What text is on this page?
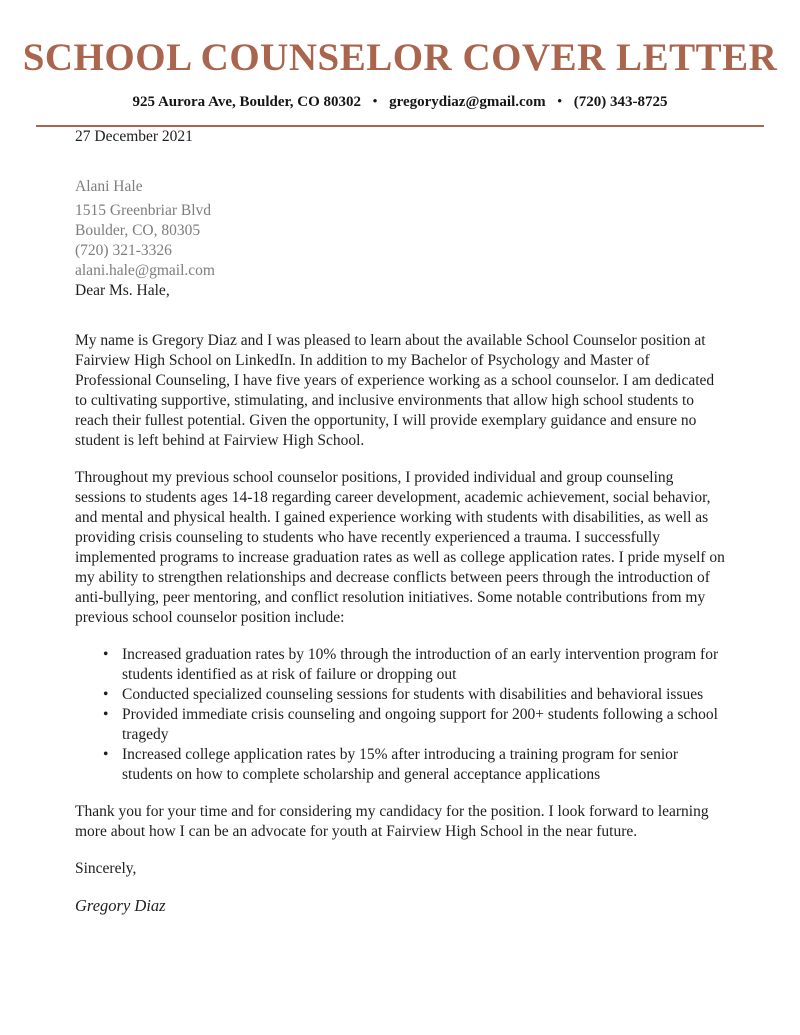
SCHOOL COUNSELOR COVER LETTER
925 Aurora Ave, Boulder, CO 80302 • gregorydiaz@gmail.com • (720) 343-8725

27 December 2021

Alani Hale

1515 Greenbriar Blvd
Boulder, CO, 80305
(720) 321-3326
alani.hale@gmail.com

Dear Ms. Hale,

My name is Gregory Diaz and I was pleased to learn about the available School Counselor position at Fairview High School on LinkedIn. In addition to my Bachelor of Psychology and Master of Professional Counseling, I have five years of experience working as a school counselor. I am dedicated to cultivating supportive, stimulating, and inclusive environments that allow high school students to reach their fullest potential. Given the opportunity, I will provide exemplary guidance and ensure no student is left behind at Fairview High School.

Throughout my previous school counselor positions, I provided individual and group counseling sessions to students ages 14-18 regarding career development, academic achievement, social behavior, and mental and physical health. I gained experience working with students with disabilities, as well as providing crisis counseling to students who have recently experienced a trauma. I successfully implemented programs to increase graduation rates as well as college application rates. I pride myself on my ability to strengthen relationships and decrease conflicts between peers through the introduction of anti-bullying, peer mentoring, and conflict resolution initiatives. Some notable contributions from my previous school counselor position include:

• Increased graduation rates by 10% through the introduction of an early intervention program for students identified as at risk of failure or dropping out
• Conducted specialized counseling sessions for students with disabilities and behavioral issues
• Provided immediate crisis counseling and ongoing support for 200+ students following a school tragedy
• Increased college application rates by 15% after introducing a training program for senior students on how to complete scholarship and general acceptance applications

Thank you for your time and for considering my candidacy for the position. I look forward to learning more about how I can be an advocate for youth at Fairview High School in the near future.

Sincerely,

Gregory Diaz
